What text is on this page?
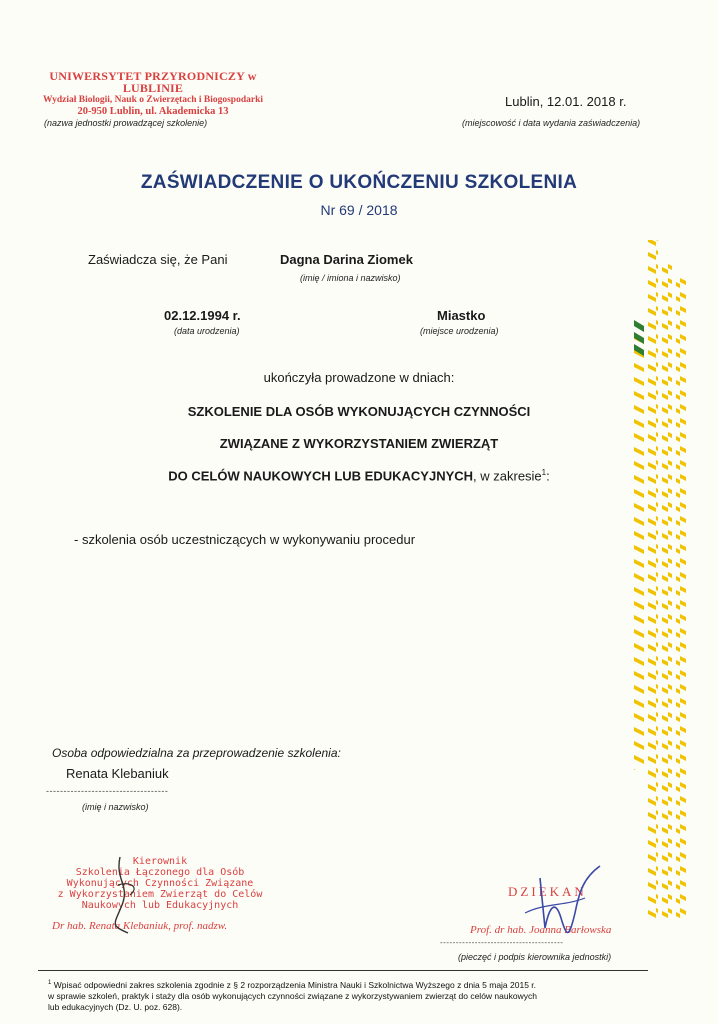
UNIWERSYTET PRZYRODNICZY w LUBLINIE
Wydział Biologii, Nauk o Zwierzętach i Biogospodarki
20-950 Lublin, ul. Akademicka 13
(nazwa jednostki prowadzącej szkolenie)
Lublin, 12.01. 2018 r.
(miejscowość i data wydania zaświadczenia)
ZAŚWIADCZENIE O UKOŃCZENIU SZKOLENIA
Nr 69 / 2018
Zaświadcza się, że Pani	Dagna Darina Ziomek
(imię / imiona i nazwisko)
02.12.1994 r.
(data urodzenia)
Miastko
(miejsce urodzenia)
ukończyła prowadzone w dniach:
SZKOLENIE DLA OSÓB WYKONUJĄCYCH CZYNNOŚCI
ZWIĄZANE Z WYKORZYSTANIEM ZWIERZĄT
DO CELÓW NAUKOWYCH LUB EDUKACYJNYCH, w zakresie$^1$:
- szkolenia osób uczestniczących w wykonywaniu procedur
Osoba odpowiedzialna za przeprowadzenie szkolenia:
Renata Klebaniuk
-----------------------------------
(imię i nazwisko)
Kierownik
Szkolenia Łączonego dla Osób
Wykonujących Czynności Związane
z Wykorzystaniem Zwierząt do Celów
Naukowych lub Edukacyjnych
Dr hab. Renata Klebaniuk, prof. nadzw.
DZIEKAN
Prof. dr hab. Joanna Barłowska
---------------------------------------
(pieczęć i podpis kierownika jednostki)
$^1$ Wpisać odpowiedni zakres szkolenia zgodnie z § 2 rozporządzenia Ministra Nauki i Szkolnictwa Wyższego z dnia 5 maja 2015 r.
w sprawie szkoleń, praktyk i staży dla osób wykonujących czynności związane z wykorzystywaniem zwierząt do celów naukowych
lub edukacyjnych (Dz. U. poz. 628).
